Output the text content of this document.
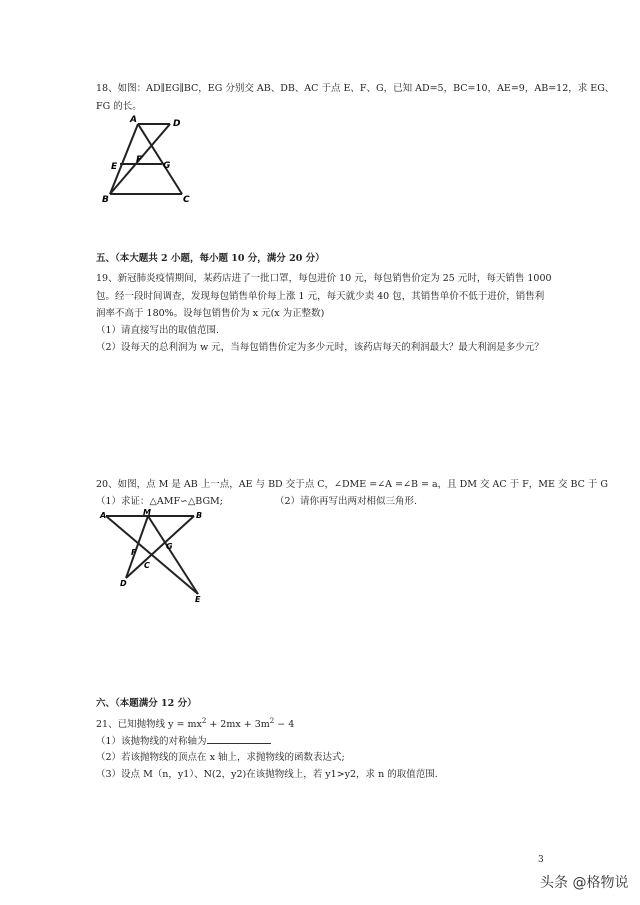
18、如图：AD∥EG∥BC，EG 分别交 AB、DB、AC 于点 E、F、G，已知 AD=5，BC=10，AE=9，AB=12，求 EG、
FG 的长。
A	D
E
F
G
B	C
五、（本大题共 2 小题，每小题 10 分，满分 20 分）
19、新冠肺炎疫情期间，某药店进了一批口罩，每包进价 10 元，每包销售价定为 25 元时，每天销售 1000
包。经一段时间调查，发现每包销售单价每上涨 1 元，每天就少卖 40 包，其销售单价不低于进价，销售利
润率不高于 180%。设每包销售价为 x 元(x 为正整数)
（1）请直接写出的取值范围.
（2）设每天的总利润为 w 元，当每包销售价定为多少元时，该药店每天的利润最大？最大利润是多少元？
20、如图，点 M 是 AB 上一点，AE 与 BD 交于点 C，∠DME =∠A =∠B = a，且 DM 交 AC 于 F，ME 交 BC 于 G
（1）求证：△AMF∽△BGM;	（2）请你再写出两对相似三角形.
A	M	B
F
G
C
D
E
六、（本题满分 12 分）
21、已知抛物线 $y = mx^2 + 2mx + 3m^2 - 4$
（1）该抛物线的对称轴为
（2）若该抛物线的顶点在 x 轴上，求抛物线的函数表达式;
（3）设点 M（n，y1）、N(2，y2)在该抛物线上，若 y1>y2，求 n 的取值范围.
3
头条 @格物说
